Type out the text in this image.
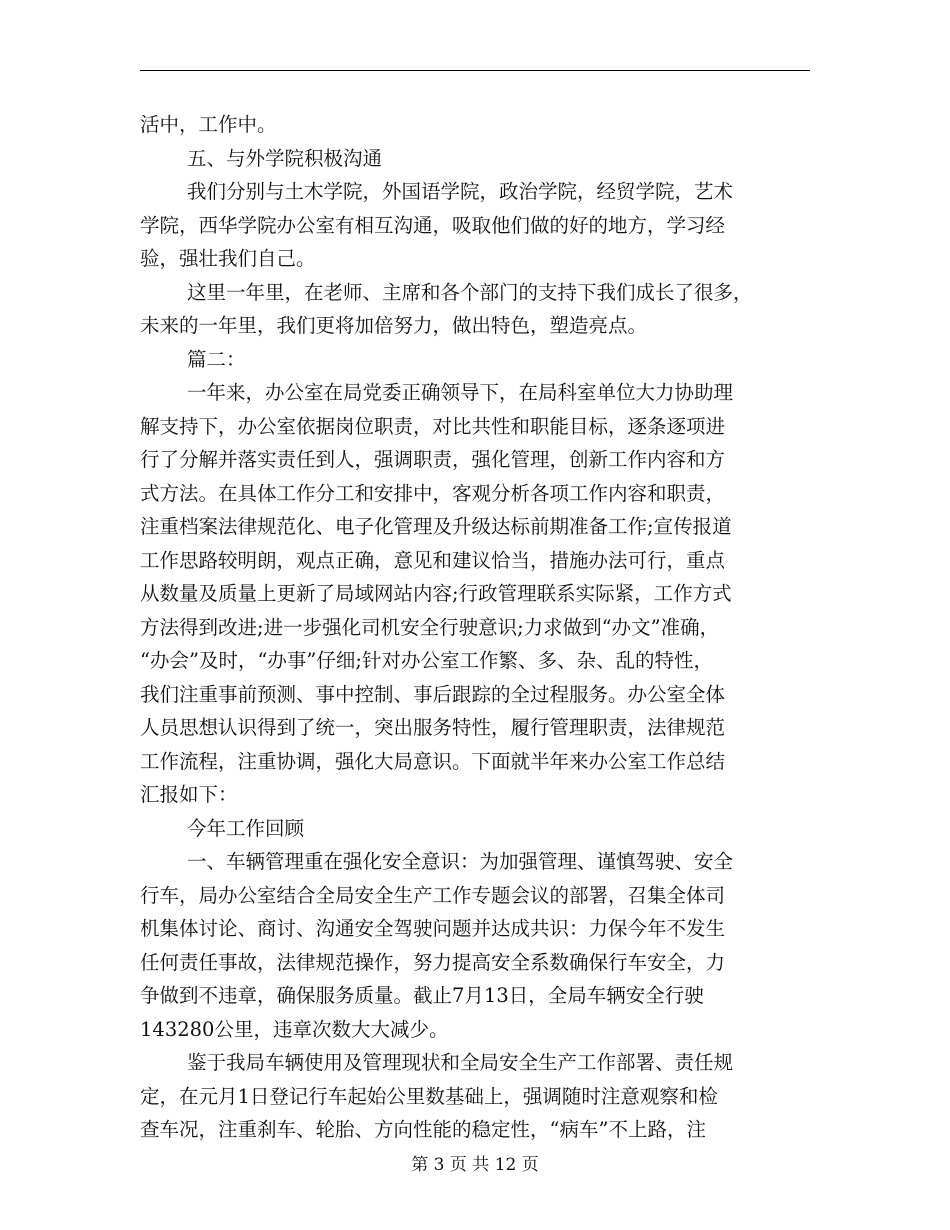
活中，工作中。
五、与外学院积极沟通
我们分别与土木学院，外国语学院，政治学院，经贸学院，艺术
学院，西华学院办公室有相互沟通，吸取他们做的好的地方，学习经
验，强壮我们自己。
这里一年里，在老师、主席和各个部门的支持下我们成长了很多，
未来的一年里，我们更将加倍努力，做出特色，塑造亮点。
篇二：
一年来，办公室在局党委正确领导下，在局科室单位大力协助理
解支持下，办公室依据岗位职责，对比共性和职能目标，逐条逐项进
行了分解并落实责任到人，强调职责，强化管理，创新工作内容和方
式方法。在具体工作分工和安排中，客观分析各项工作内容和职责，
注重档案法律规范化、电子化管理及升级达标前期准备工作;宣传报道
工作思路较明朗，观点正确，意见和建议恰当，措施办法可行，重点
从数量及质量上更新了局域网站内容;行政管理联系实际紧，工作方式
方法得到改进;进一步强化司机安全行驶意识;力求做到“办文”准确，
“办会”及时，“办事”仔细;针对办公室工作繁、多、杂、乱的特性，
我们注重事前预测、事中控制、事后跟踪的全过程服务。办公室全体
人员思想认识得到了统一，突出服务特性，履行管理职责，法律规范
工作流程，注重协调，强化大局意识。下面就半年来办公室工作总结
汇报如下：
今年工作回顾
一、车辆管理重在强化安全意识：为加强管理、谨慎驾驶、安全
行车，局办公室结合全局安全生产工作专题会议的部署，召集全体司
机集体讨论、商讨、沟通安全驾驶问题并达成共识：力保今年不发生
任何责任事故，法律规范操作，努力提高安全系数确保行车安全，力
争做到不违章，确保服务质量。截止7月13日，全局车辆安全行驶
143280公里，违章次数大大减少。
鉴于我局车辆使用及管理现状和全局安全生产工作部署、责任规
定，在元月1日登记行车起始公里数基础上，强调随时注意观察和检
查车况，注重刹车、轮胎、方向性能的稳定性，“病车”不上路，注
第 3 页 共 12 页
